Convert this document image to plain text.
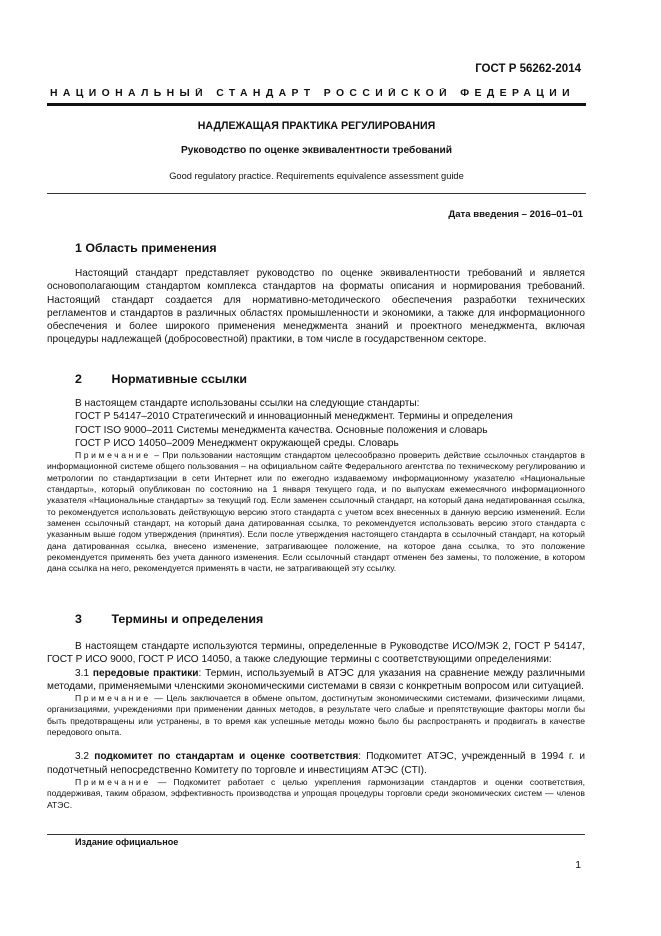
ГОСТ Р 56262-2014
НАЦИОНАЛЬНЫЙ СТАНДАРТ РОССИЙСКОЙ ФЕДЕРАЦИИ
НАДЛЕЖАЩАЯ ПРАКТИКА РЕГУЛИРОВАНИЯ
Руководство по оценке эквивалентности требований
Good regulatory practice. Requirements equivalence assessment guide
Дата введения – 2016–01–01
1 Область применения

Настоящий стандарт представляет руководство по оценке эквивалентности требований и является основополагающим стандартом комплекса стандартов на форматы описания и нормирования требований. Настоящий стандарт создается для нормативно-методического обеспечения разработки технических регламентов и стандартов в различных областях промышленности и экономики, а также для информационного обеспечения и более широкого применения менеджмента знаний и проектного менеджмента, включая процедуры надлежащей (добросовестной) практики, в том числе в государственном секторе.

2 Нормативные ссылки

В настоящем стандарте использованы ссылки на следующие стандарты:

ГОСТ Р 54147–2010 Стратегический и инновационный менеджмент. Термины и определения

ГОСТ ISO 9000–2011 Системы менеджмента качества. Основные положения и словарь

ГОСТ Р ИСО 14050–2009 Менеджмент окружающей среды. Словарь

Примечание – При пользовании настоящим стандартом целесообразно проверить действие ссылочных стандартов в информационной системе общего пользования – на официальном сайте Федерального агентства по техническому регулированию и метрологии по стандартизации в сети Интернет или по ежегодно издаваемому информационному указателю «Национальные стандарты», который опубликован по состоянию на 1 января текущего года, и по выпускам ежемесячного информационного указателя «Национальные стандарты» за текущий год. Если заменен ссылочный стандарт, на который дана недатированная ссылка, то рекомендуется использовать действующую версию этого стандарта с учетом всех внесенных в данную версию изменений. Если заменен ссылочный стандарт, на который дана датированная ссылка, то рекомендуется использовать версию этого стандарта с указанным выше годом утверждения (принятия). Если после утверждения настоящего стандарта в ссылочный стандарт, на который дана датированная ссылка, внесено изменение, затрагивающее положение, на которое дана ссылка, то это положение рекомендуется применять без учета данного изменения. Если ссылочный стандарт отменен без замены, то положение, в котором дана ссылка на него, рекомендуется применять в части, не затрагивающей эту ссылку.

3 Термины и определения

В настоящем стандарте используются термины, определенные в Руководстве ИСО/МЭК 2, ГОСТ Р 54147, ГОСТ Р ИСО 9000, ГОСТ Р ИСО 14050, а также следующие термины с соответствующими определениями:

3.1 передовые практики: Термин, используемый в АТЭС для указания на сравнение между различными методами, применяемыми членскими экономическими системами в связи с конкретным вопросом или ситуацией.

Примечание — Цель заключается в обмене опытом, достигнутым экономическими системами, физическими лицами, организациями, учреждениями при применении данных методов, в результате чего слабые и препятствующие факторы могли бы быть предотвращены или устранены, в то время как успешные методы можно было бы распространять и продвигать в качестве передового опыта.

3.2 подкомитет по стандартам и оценке соответствия: Подкомитет АТЭС, учрежденный в 1994 г. и подотчетный непосредственно Комитету по торговле и инвестициям АТЭС (CTI).

Примечание — Подкомитет работает с целью укрепления гармонизации стандартов и оценки соответствия, поддерживая, таким образом, эффективность производства и упрощая процедуры торговли среди экономических систем — членов АТЭС.

Издание официальное
1
